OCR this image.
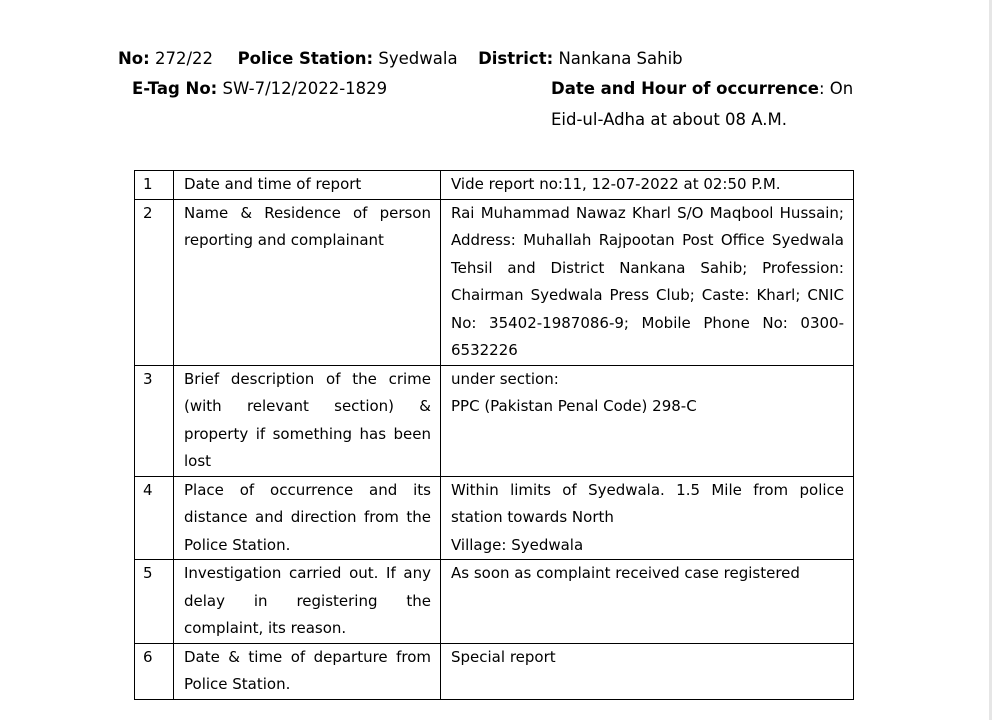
No: 272/22 Police Station: Syedwala District: Nankana Sahib
E-Tag No: SW-7/12/2022-1829	Date and Hour of occurrence: On
Eid-ul-Adha at about 08 A.M.
1	Date and time of report	Vide report no:11, 12-07-2022 at 02:50 P.M.

2	Name & Residence of person reporting and complainant	Rai Muhammad Nawaz Kharl S/O Maqbool Hussain; Address: Muhallah Rajpootan Post Office Syedwala Tehsil and District Nankana Sahib; Profession: Chairman Syedwala Press Club; Caste: Kharl; CNIC No: 35402-1987086-9; Mobile Phone No: 0300-6532226

3	Brief description of the crime (with relevant section) & property if something has been lost	under section:
PPC (Pakistan Penal Code) 298-C

4	Place of occurrence and its distance and direction from the Police Station.	Within limits of Syedwala. 1.5 Mile from police station towards North
Village: Syedwala

5	Investigation carried out. If any delay in registering the complaint, its reason.	As soon as complaint received case registered

6	Date & time of departure from Police Station.	Special report
